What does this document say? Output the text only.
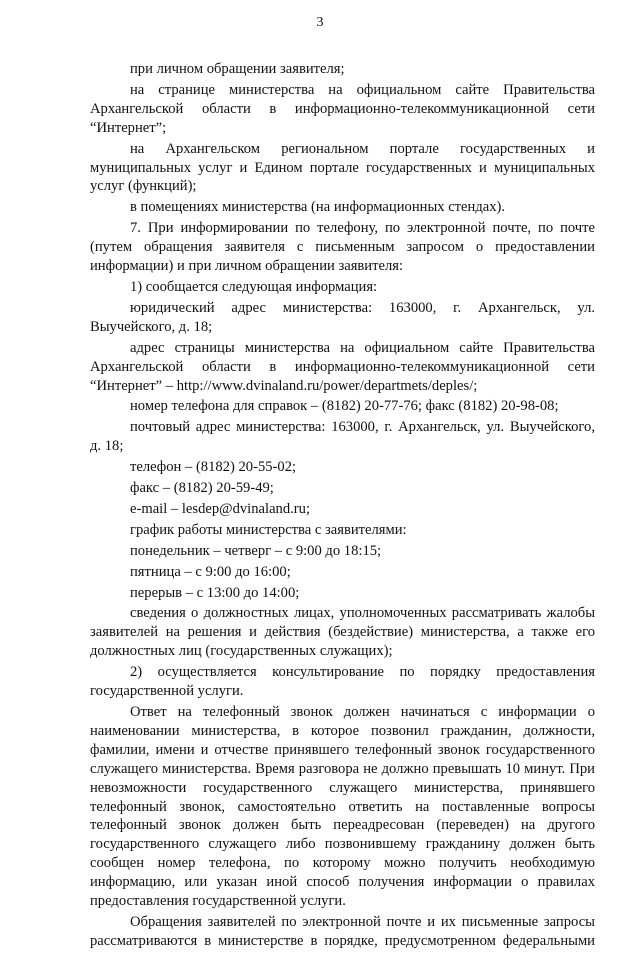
3

при личном обращении заявителя;

на странице министерства на официальном сайте Правительства Архангельской области в информационно-телекоммуникационной сети “Интернет”;

на Архангельском региональном портале государственных и муниципальных услуг и Едином портале государственных и муниципальных услуг (функций);

в помещениях министерства (на информационных стендах).

7. При информировании по телефону, по электронной почте, по почте (путем обращения заявителя с письменным запросом о предоставлении информации) и при личном обращении заявителя:

1) сообщается следующая информация:

юридический адрес министерства: 163000, г. Архангельск, ул. Выучейского, д. 18;

адрес страницы министерства на официальном сайте Правительства Архангельской области в информационно-телекоммуникационной сети “Интернет” – http://www.dvinaland.ru/power/departmets/deples/;

номер телефона для справок – (8182) 20-77-76; факс (8182) 20-98-08;

почтовый адрес министерства: 163000, г. Архангельск, ул. Выучейского, д. 18;

телефон – (8182) 20-55-02;

факс – (8182) 20-59-49;

e-mail – lesdep@dvinaland.ru;

график работы министерства с заявителями:

понедельник – четверг – с 9:00 до 18:15;

пятница – с 9:00 до 16:00;

перерыв – с 13:00 до 14:00;

сведения о должностных лицах, уполномоченных рассматривать жалобы заявителей на решения и действия (бездействие) министерства, а также его должностных лиц (государственных служащих);

2) осуществляется консультирование по порядку предоставления государственной услуги.

Ответ на телефонный звонок должен начинаться с информации о наименовании министерства, в которое позвонил гражданин, должности, фамилии, имени и отчестве принявшего телефонный звонок государственного служащего министерства. Время разговора не должно превышать 10 минут. При невозможности государственного служащего министерства, принявшего телефонный звонок, самостоятельно ответить на поставленные вопросы телефонный звонок должен быть переадресован (переведен) на другого государственного служащего либо позвонившему гражданину должен быть сообщен номер телефона, по которому можно получить необходимую информацию, или указан иной способ получения информации о правилах предоставления государственной услуги.

Обращения заявителей по электронной почте и их письменные запросы рассматриваются в министерстве в порядке, предусмотренном федеральными
